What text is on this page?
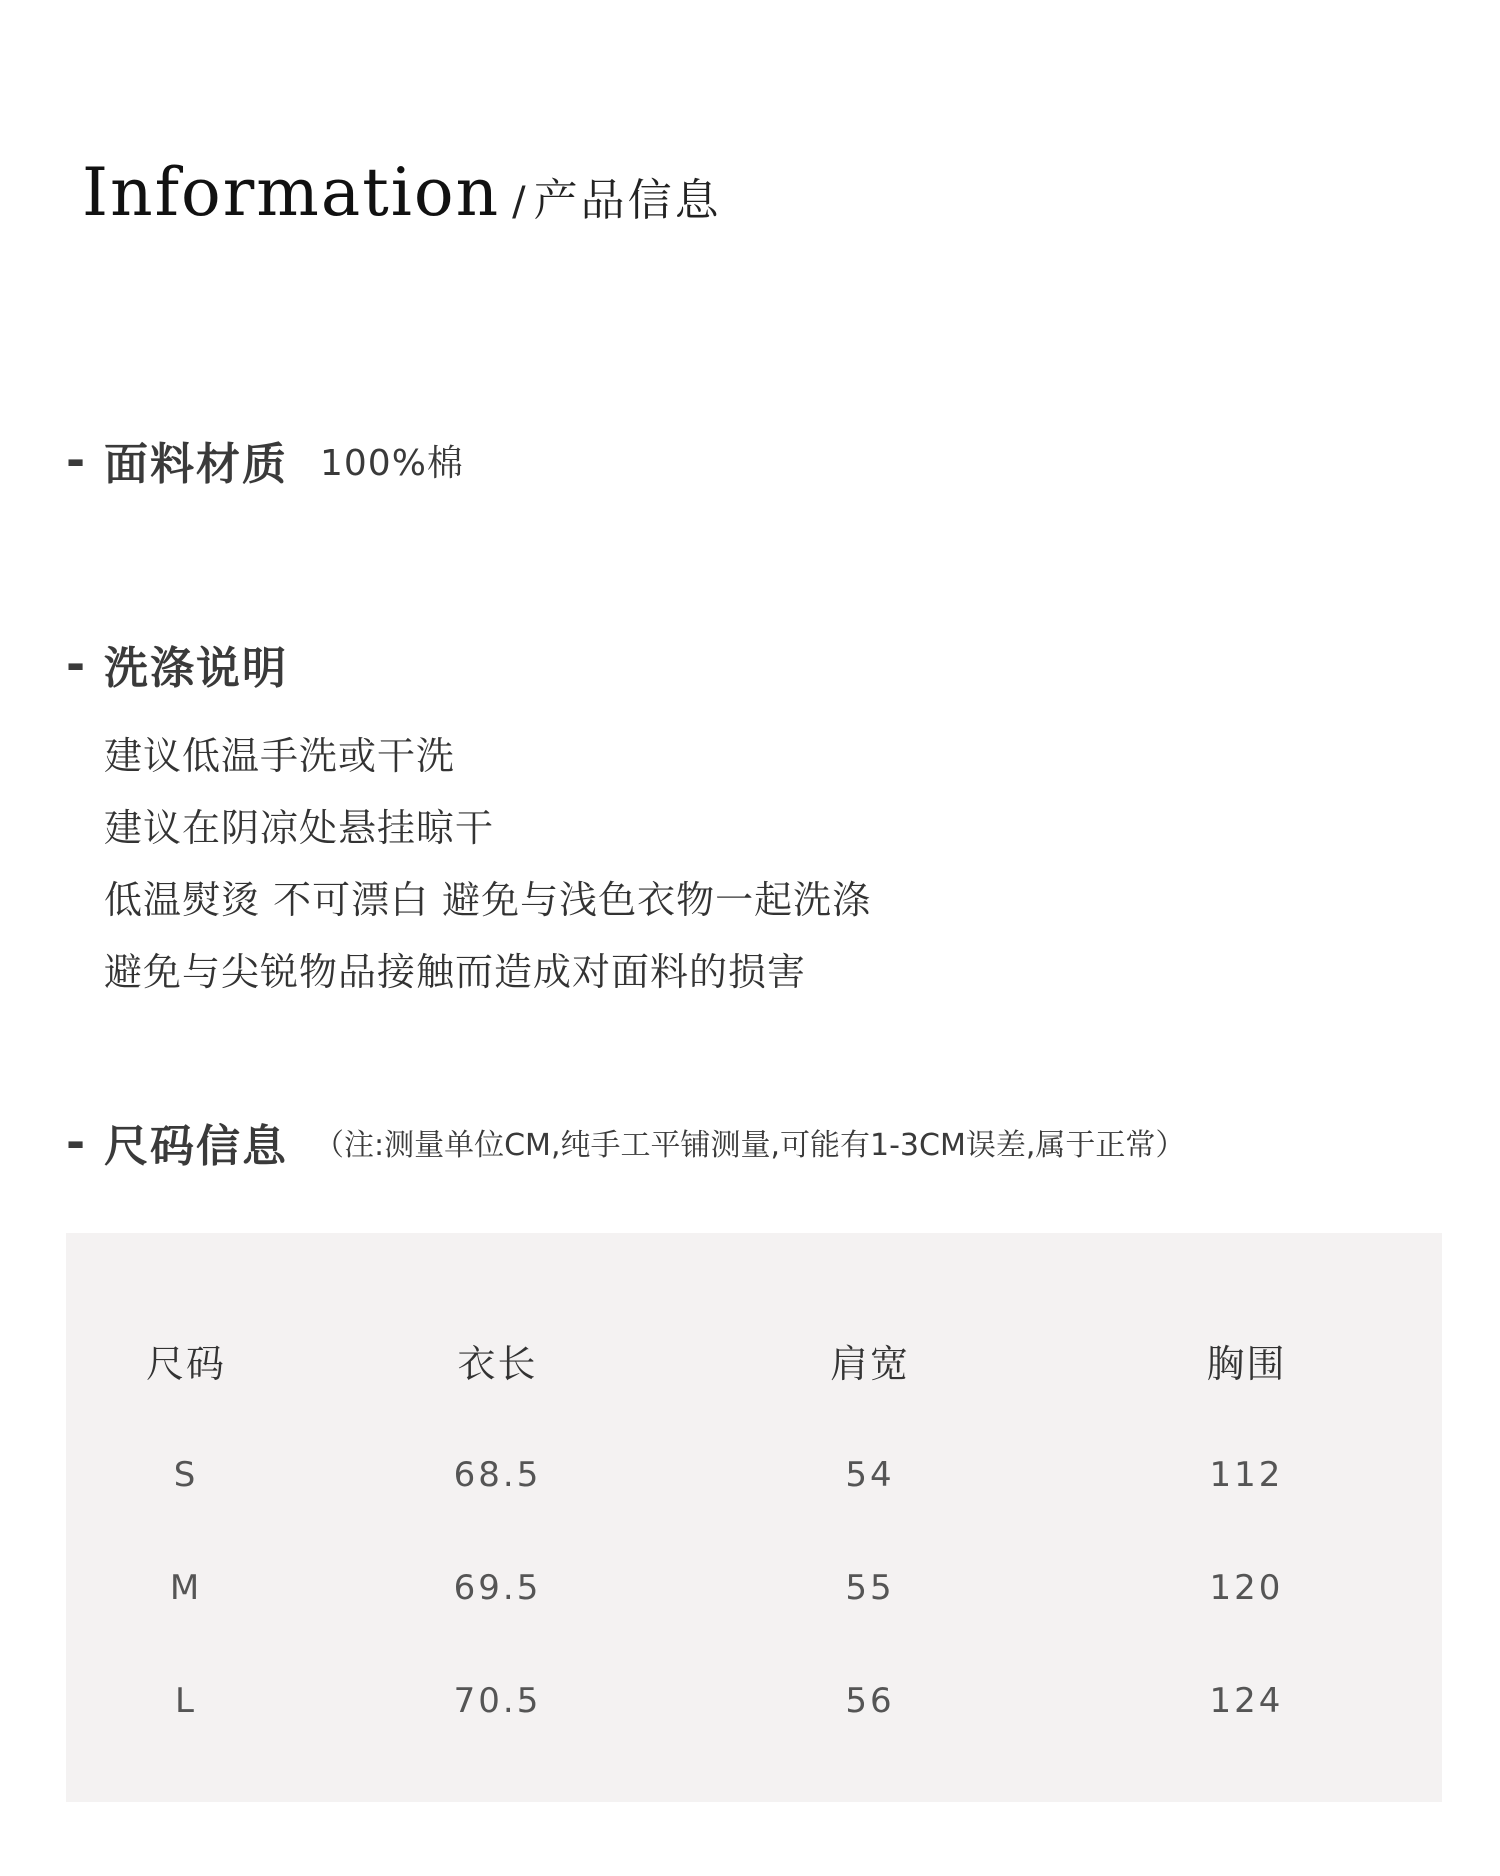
Information / 产品信息
- 面料材质 100%棉
- 洗涤说明
建议低温手洗或干洗
建议在阴凉处悬挂晾干
低温熨烫 不可漂白 避免与浅色衣物一起洗涤
避免与尖锐物品接触而造成对面料的损害
- 尺码信息 （注:测量单位CM,纯手工平铺测量,可能有1-3CM误差,属于正常）
尺码	衣长	肩宽	胸围
S	68.5	54	112
M	69.5	55	120
L	70.5	56	124
